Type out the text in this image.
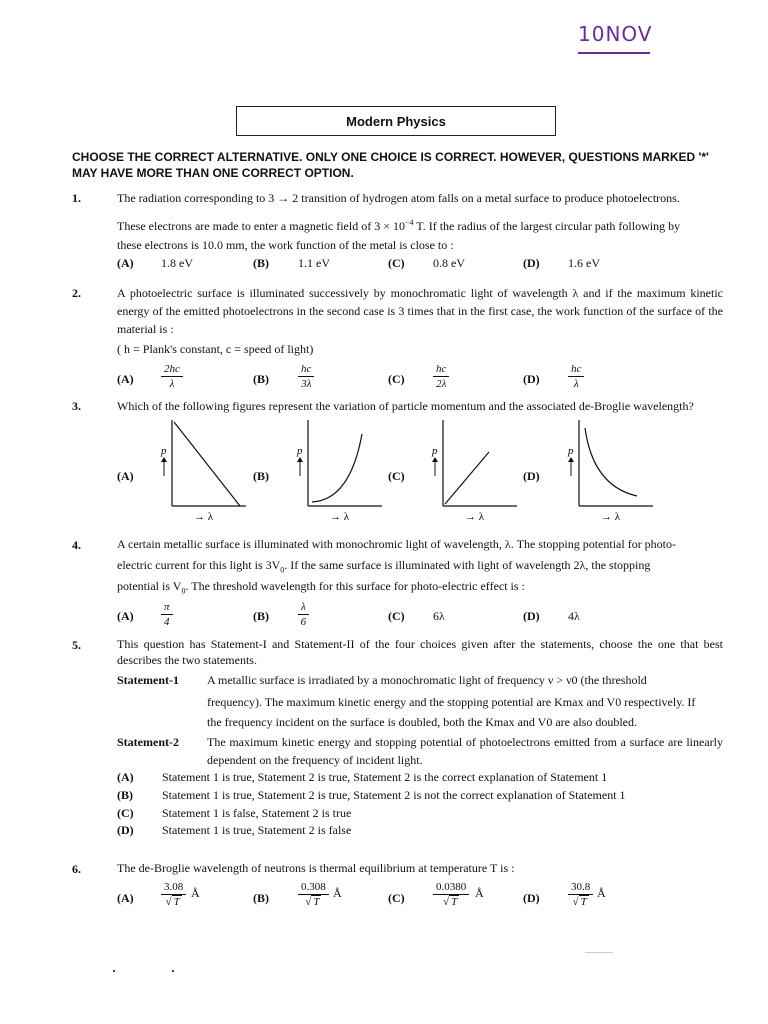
10NOV
Modern Physics
CHOOSE THE CORRECT ALTERNATIVE. ONLY ONE CHOICE IS CORRECT. HOWEVER, QUESTIONS MARKED '*' MAY HAVE MORE THAN ONE CORRECT OPTION.
1.	The radiation corresponding to 3 → 2 transition of hydrogen atom falls on a metal surface to produce photoelectrons.
These electrons are made to enter a magnetic field of $3 \times 10^{-4}$ T. If the radius of the largest circular path following by
these electrons is 10.0 mm, the work function of the metal is close to :
(A) 1.8 eV	(B) 1.1 eV	(C) 0.8 eV	(D) 1.6 eV
2.	A photoelectric surface is illuminated successively by monochromatic light of wavelength λ and if the maximum kinetic energy of the emitted photoelectrons in the second case is 3 times that in the first case, the work function of the surface of the material is :
( h = Plank's constant, c = speed of light)
$(A) \frac{2hc}{\lambda}$	(B)	$\frac{hc}{3\lambda}$	(C)	$\frac{hc}{2\lambda}$	(D)	$\frac{hc}{\lambda}$
3.	Which of the following figures represent the variation of particle momentum and the associated de-Broglie wavelength?
(A)	(B)	(C)	(D)
p
→ λ
p
→ λ
p
→ λ
p
→ λ
4.	A certain metallic surface is illuminated with monochromic light of wavelength, λ. The stopping potential for photo-
electric current for this light is $3V_0$. If the same surface is illuminated with light of wavelength 2λ, the stopping
potential is $V_0$. The threshold wavelength for this surface for photo-electric effect is :
$(A) \frac{\pi}{4}$	(B)	$\frac{\lambda}{6}$	(C) 6λ	(D) 4λ
5.	This question has Statement-I and Statement-II of the four choices given after the statements, choose the one that best describes the two statements.
Statement-1 A metallic surface is irradiated by a monochromatic light of frequency ν > ν0 (the threshold
frequency). The maximum kinetic energy and the stopping potential are Kmax and V0 respectively. If
the frequency incident on the surface is doubled, both the Kmax and V0 are also doubled.
Statement-2 The maximum kinetic energy and stopping potential of photoelectrons emitted from a surface are linearly dependent on the frequency of incident light.
(A) Statement 1 is true, Statement 2 is true, Statement 2 is the correct explanation of Statement 1
(B) Statement 1 is true, Statement 2 is true, Statement 2 is not the correct explanation of Statement 1
(C) Statement 1 is false, Statement 2 is true
(D) Statement 1 is true, Statement 2 is false
6.	The de-Broglie wavelength of neutrons is thermal equilibrium at temperature T is :
$(A) \frac{3.08}{√ T}$ Å	(B)	$\frac{0.308}{√ T}$ Å	(C)	$\frac{0.0380}{√ T}$ Å	(D)	$\frac{30.8}{√ T}$ Å
